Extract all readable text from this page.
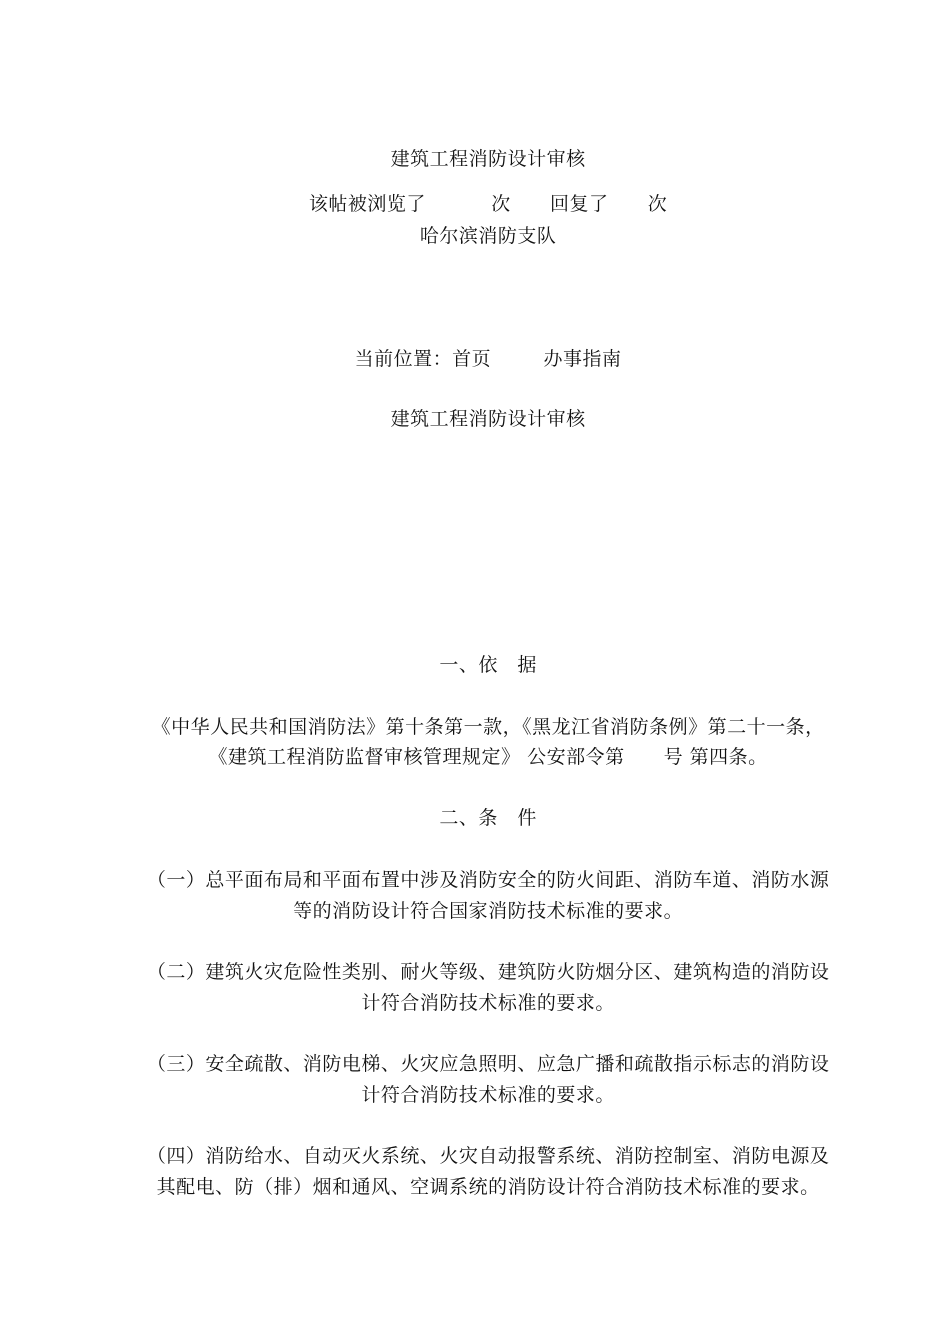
建筑工程消防设计审核

该帖被浏览了	次 回复了 次

哈尔滨消防支队

当前位置：首页	办事指南

建筑工程消防设计审核

一、依　据

《中华人民共和国消防法》第十条第一款，《黑龙江省消防条例》第二十一条，

《建筑工程消防监督审核管理规定》 公安部令第　　号 第四条。

二、条　件

（一）总平面布局和平面布置中涉及消防安全的防火间距、消防车道、消防水源

等的消防设计符合国家消防技术标准的要求。

（二）建筑火灾危险性类别、耐火等级、建筑防火防烟分区、建筑构造的消防设

计符合消防技术标准的要求。

（三）安全疏散、消防电梯、火灾应急照明、应急广播和疏散指示标志的消防设

计符合消防技术标准的要求。

（四）消防给水、自动灭火系统、火灾自动报警系统、消防控制室、消防电源及

其配电、防（排）烟和通风、空调系统的消防设计符合消防技术标准的要求。
